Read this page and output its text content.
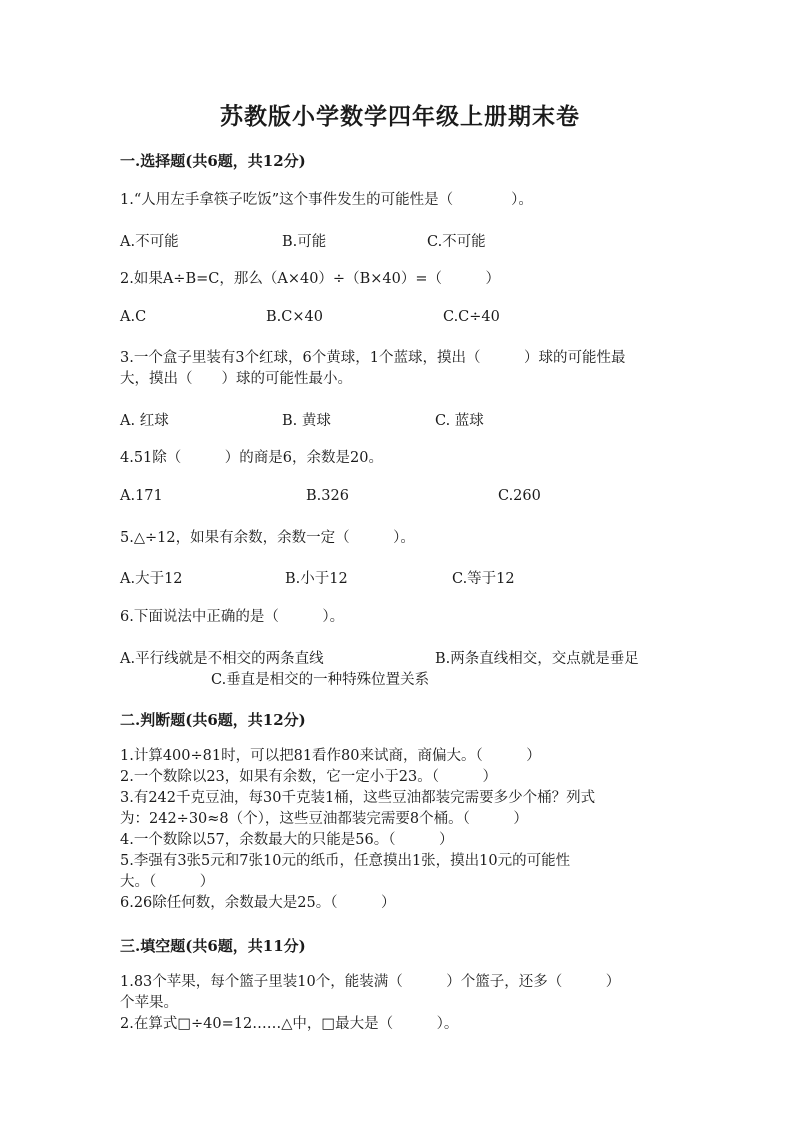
苏教版小学数学四年级上册期末卷
一.选择题(共6题，共12分)
1.“人用左手拿筷子吃饭”这个事件发生的可能性是（　　　　）。
A.不可能	B.可能	C.不可能
2.如果A÷B=C，那么（A×40）÷（B×40）=（　　　）
A.C	B.C×40	C.C÷40
3.一个盒子里装有3个红球，6个黄球，1个蓝球，摸出（　　　）球的可能性最
大，摸出（　　）球的可能性最小。
A. 红球	B. 黄球	C. 蓝球
4.51除（　　　）的商是6，余数是20。
A.171	B.326	C.260
5.△÷12，如果有余数，余数一定（　　　）。
A.大于12	B.小于12	C.等于12
6.下面说法中正确的是（　　　）。
A.平行线就是不相交的两条直线	B.两条直线相交，交点就是垂足
C.垂直是相交的一种特殊位置关系
二.判断题(共6题，共12分)
1.计算400÷81时，可以把81看作80来试商，商偏大。（　　　）
2.一个数除以23，如果有余数，它一定小于23。（　　　）
3.有242千克豆油，每30千克装1桶，这些豆油都装完需要多少个桶？列式
为：242÷30≈8（个），这些豆油都装完需要8个桶。（　　　）
4.一个数除以57，余数最大的只能是56。（　　　）
5.李强有3张5元和7张10元的纸币，任意摸出1张，摸出10元的可能性
大。（　　　）
6.26除任何数，余数最大是25。（　　　）
三.填空题(共6题，共11分)
1.83个苹果，每个篮子里装10个，能装满（　　　）个篮子，还多（　　　）
个苹果。
2.在算式□÷40=12……△中，□最大是（　　　）。
